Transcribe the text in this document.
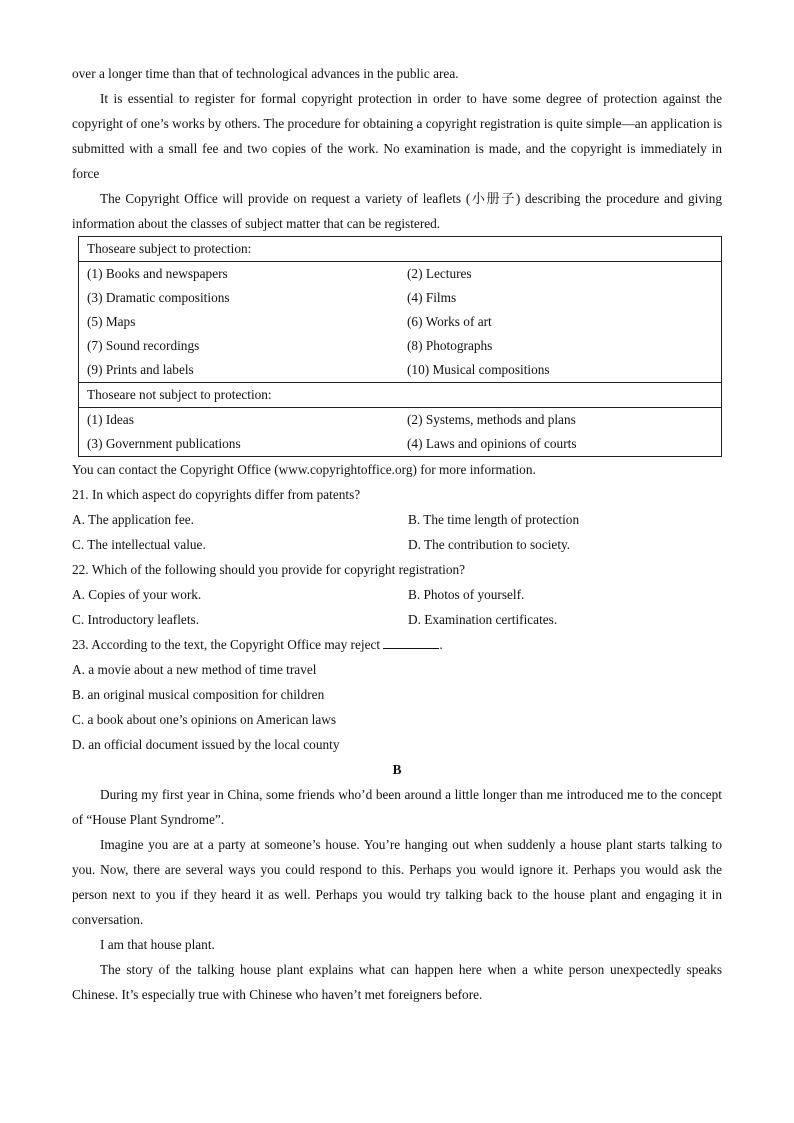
over a longer time than that of technological advances in the public area.

It is essential to register for formal copyright protection in order to have some degree of protection against the copyright of one’s works by others. The procedure for obtaining a copyright registration is quite simple—an application is submitted with a small fee and two copies of the work. No examination is made, and the copyright is immediately in force

The Copyright Office will provide on request a variety of leaflets (小册子) describing the procedure and giving information about the classes of subject matter that can be registered.

Thoseare subject to protection:	
(1) Books and newspapers	(2) Lectures
(3) Dramatic compositions	(4) Films
(5) Maps	(6) Works of art
(7) Sound recordings	(8) Photographs
(9) Prints and labels	(10) Musical compositions
Thoseare not subject to protection:	
(1) Ideas	(2) Systems, methods and plans
(3) Government publications	(4) Laws and opinions of courts
You can contact the Copyright Office (www.copyrightoffice.org) for more information.
21. In which aspect do copyrights differ from patents?
A. The application fee.	B. The time length of protection
C. The intellectual value.	D. The contribution to society.
22. Which of the following should you provide for copyright registration?
A. Copies of your work.	B. Photos of yourself.
C. Introductory leaflets.	D. Examination certificates.
23. According to the text, the Copyright Office may reject	.
A. a movie about a new method of time travel
B. an original musical composition for children
C. a book about one’s opinions on American laws
D. an official document issued by the local county
B

During my first year in China, some friends who’d been around a little longer than me introduced me to the concept of “House Plant Syndrome”.

Imagine you are at a party at someone’s house. You’re hanging out when suddenly a house plant starts talking to you. Now, there are several ways you could respond to this. Perhaps you would ignore it. Perhaps you would ask the person next to you if they heard it as well. Perhaps you would try talking back to the house plant and engaging it in conversation.

I am that house plant.

The story of the talking house plant explains what can happen here when a white person unexpectedly speaks Chinese. It’s especially true with Chinese who haven’t met foreigners before.
